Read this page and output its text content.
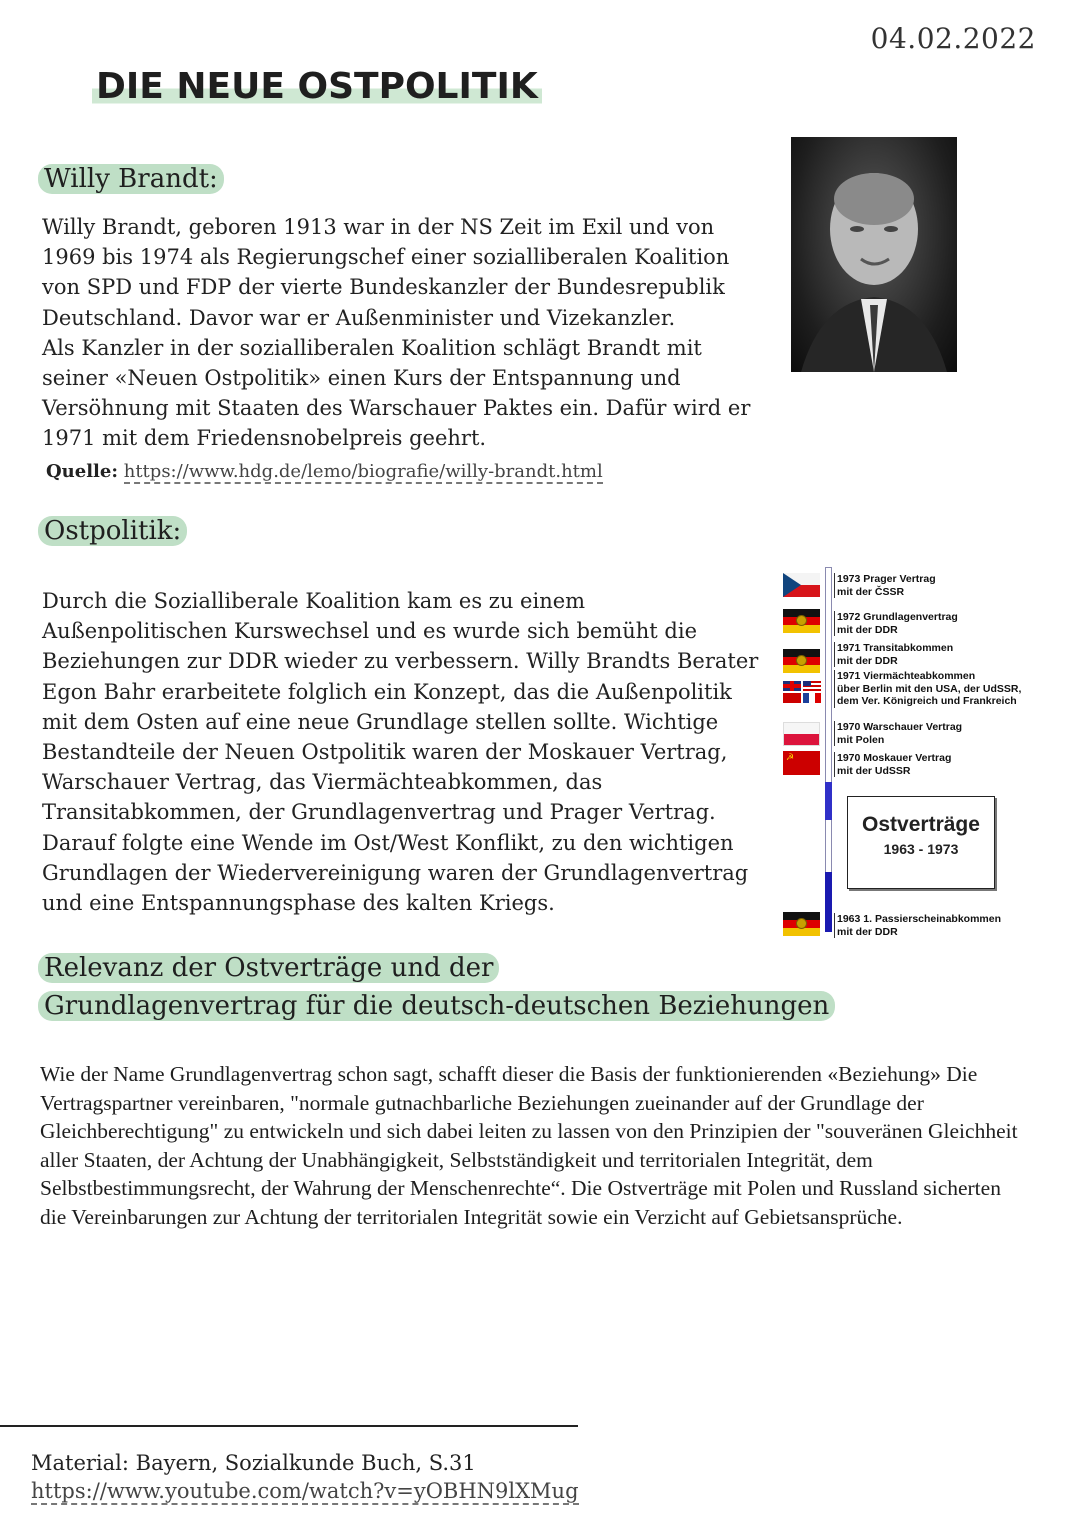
04.02.2022
DIE NEUE OSTPOLITIK
Willy Brandt:

Willy Brandt, geboren 1913 war in der NS Zeit im Exil und von

1969 bis 1974 als Regierungschef einer sozialliberalen Koalition

von SPD und FDP der vierte Bundeskanzler der Bundesrepublik

Deutschland. Davor war er Außenminister und Vizekanzler.

Als Kanzler in der sozialliberalen Koalition schlägt Brandt mit

seiner «Neuen Ostpolitik» einen Kurs der Entspannung und

Versöhnung mit Staaten des Warschauer Paktes ein. Dafür wird er

1971 mit dem Friedensnobelpreis geehrt.

Quelle: https://www.hdg.de/lemo/biografie/willy-brandt.html
Ostpolitik:

Durch die Sozialliberale Koalition kam es zu einem

Außenpolitischen Kurswechsel und es wurde sich bemüht die

Beziehungen zur DDR wieder zu verbessern. Willy Brandts Berater

Egon Bahr erarbeitete folglich ein Konzept, das die Außenpolitik

mit dem Osten auf eine neue Grundlage stellen sollte. Wichtige

Bestandteile der Neuen Ostpolitik waren der Moskauer Vertrag,

Warschauer Vertrag, das Viermächteabkommen, das

Transitabkommen, der Grundlagenvertrag und Prager Vertrag.

Darauf folgte eine Wende im Ost/West Konflikt, zu den wichtigen

Grundlagen der Wiedervereinigung waren der Grundlagenvertrag

und eine Entspannungsphase des kalten Kriegs.

1973 Prager Vertrag
mit der ČSSR
1972 Grundlagenvertrag
mit der DDR
1971 Transitabkommen
mit der DDR
1971 Viermächteabkommen
über Berlin mit den USA, der UdSSR,
dem Ver. Königreich und Frankreich
1970 Warschauer Vertrag
mit Polen
☭
1970 Moskauer Vertrag
mit der UdSSR
Ostverträge
1963 - 1973
1963 1. Passierscheinabkommen
mit der DDR
Relevanz der Ostverträge und der
Grundlagenvertrag für die deutsch-deutschen Beziehungen

Wie der Name Grundlagenvertrag schon sagt, schafft dieser die Basis der funktionierenden «Beziehung» Die Vertragspartner vereinbaren, "normale gutnachbarliche Beziehungen zueinander auf der Grundlage der Gleichberechtigung" zu entwickeln und sich dabei leiten zu lassen von den Prinzipien der "souveränen Gleichheit aller Staaten, der Achtung der Unabhängigkeit, Selbstständigkeit und territorialen Integrität, dem Selbstbestimmungsrecht, der Wahrung der Menschenrechte“. Die Ostverträge mit Polen und Russland sicherten die Vereinbarungen zur Achtung der territorialen Integrität sowie ein Verzicht auf Gebietsansprüche.

Material: Bayern, Sozialkunde Buch, S.31
https://www.youtube.com/watch?v=yOBHN9lXMug
